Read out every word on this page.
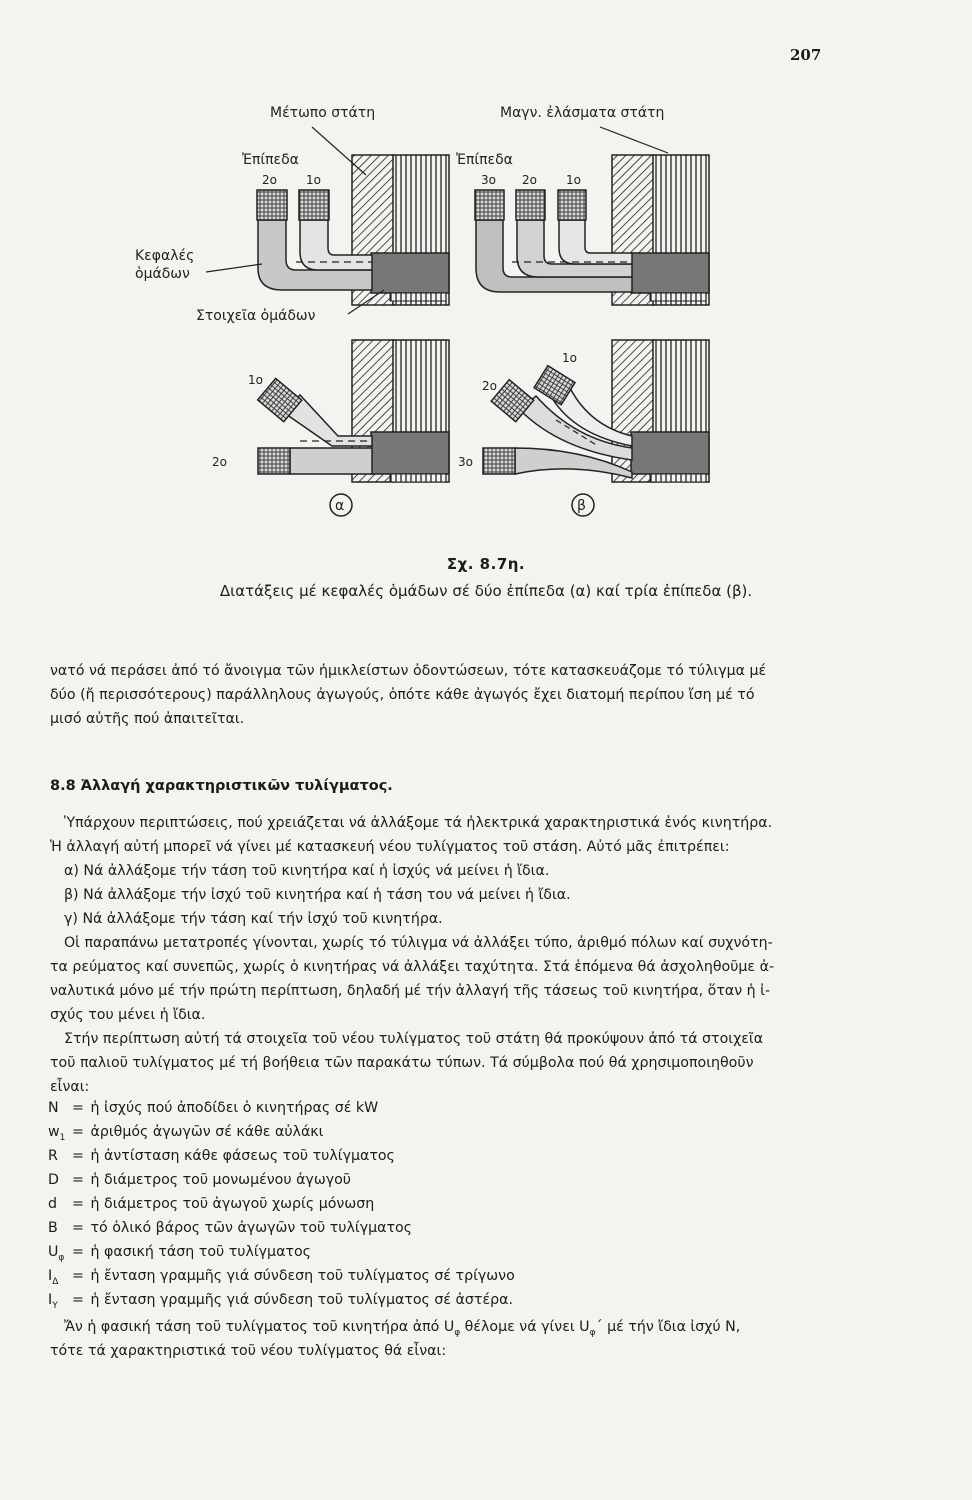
207
Μέτωπο στάτη	Μαγν. ἐλάσματα στάτη
Ἐπίπεδα
2ο 1ο
Ἐπίπεδα
3ο 2ο 1ο
Κεφαλές
ὁμάδων
Στοιχεῖα ὁμάδων
1ο
2ο
1ο
2ο
3ο
α	β
Σχ. 8.7η.
Διατάξεις μέ κεφαλές ὁμάδων σέ δύο ἐπίπεδα (α) καί τρία ἐπίπεδα (β).

νατό νά περάσει ἀπό τό ἄνοιγμα τῶν ἡμικλείστων ὀδοντώσεων, τότε κατασκευάζομε τό τύλιγμα μέ

δύο (ἤ περισσότερους) παράλληλους ἀγωγούς, ὁπότε κάθε ἀγωγός ἔχει διατομή περίπου ἴση μέ τό

μισό αὐτῆς πού ἀπαιτεῖται.

8.8 Ἀλλαγή χαρακτηριστικῶν τυλίγματος.

Ὑπάρχουν περιπτώσεις, πού χρειάζεται νά ἀλλάξομε τά ἠλεκτρικά χαρακτηριστικά ἑνός κινητήρα.

Ἡ ἀλλαγή αὐτή μπορεῖ νά γίνει μέ κατασκευή νέου τυλίγματος τοῦ στάση. Αὐτό μᾶς ἐπιτρέπει:

α) Νά ἀλλάξομε τήν τάση τοῦ κινητήρα καί ἡ ἰσχύς νά μείνει ἡ ἴδια.

β) Νά ἀλλάξομε τήν ἰσχύ τοῦ κινητήρα καί ἡ τάση του νά μείνει ἡ ἴδια.

γ) Νά ἀλλάξομε τήν τάση καί τήν ἰσχύ τοῦ κινητήρα.

Οἱ παραπάνω μετατροπές γίνονται, χωρίς τό τύλιγμα νά ἀλλάξει τύπο, ἀριθμό πόλων καί συχνότη-

τα ρεύματος καί συνεπῶς, χωρίς ὁ κινητήρας νά ἀλλάξει ταχύτητα. Στά ἑπόμενα θά ἀσχοληθοῦμε ἀ-

ναλυτικά μόνο μέ τήν πρώτη περίπτωση, δηλαδή μέ τήν ἀλλαγή τῆς τάσεως τοῦ κινητήρα, ὅταν ἡ ἰ-

σχύς του μένει ἡ ἴδια.

Στήν περίπτωση αὐτή τά στοιχεῖα τοῦ νέου τυλίγματος τοῦ στάτη θά προκύψουν ἀπό τά στοιχεῖα

τοῦ παλιοῦ τυλίγματος μέ τή βοήθεια τῶν παρακάτω τύπων. Τά σύμβολα πού θά χρησιμοποιηθοῦν

εἶναι:

N = ἡ ἰσχύς πού ἀποδίδει ὁ κινητήρας σέ kW
$w_1$ = ἀριθμός ἀγωγῶν σέ κάθε αὐλάκι
R = ἡ ἀντίσταση κάθε φάσεως τοῦ τυλίγματος
D = ἡ διάμετρος τοῦ μονωμένου ἀγωγοῦ
d = ἡ διάμετρος τοῦ ἀγωγοῦ χωρίς μόνωση
B = τό ὁλικό βάρος τῶν ἀγωγῶν τοῦ τυλίγματος
$U_\varphi$ = ἡ φασική τάση τοῦ τυλίγματος
$I_\Delta$ = ἡ ἔνταση γραμμῆς γιά σύνδεση τοῦ τυλίγματος σέ τρίγωνο
$I_Y$ = ἡ ἔνταση γραμμῆς γιά σύνδεση τοῦ τυλίγματος σέ ἀστέρα.

Ἄν ἡ φασική τάση τοῦ τυλίγματος τοῦ κινητήρα ἀπό $U_\varphi$ θέλομε νά γίνει $U_\varphi΄$ μέ τήν ἴδια ἰσχύ N,

τότε τά χαρακτηριστικά τοῦ νέου τυλίγματος θά εἶναι:
